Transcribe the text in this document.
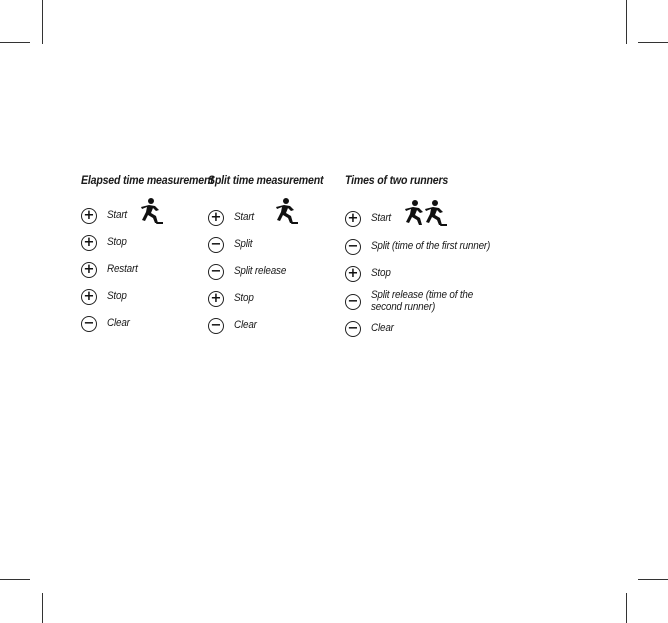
Elapsed time measurement
+ Start
+ Stop
+ Restart
+ Stop
− Clear
Split time measurement
+ Start
− Split
− Split release
+ Stop
− Clear
Times of two runners
+ Start
− Split (time of the first runner)
+ Stop
− Split release (time of the second runner)
− Clear
